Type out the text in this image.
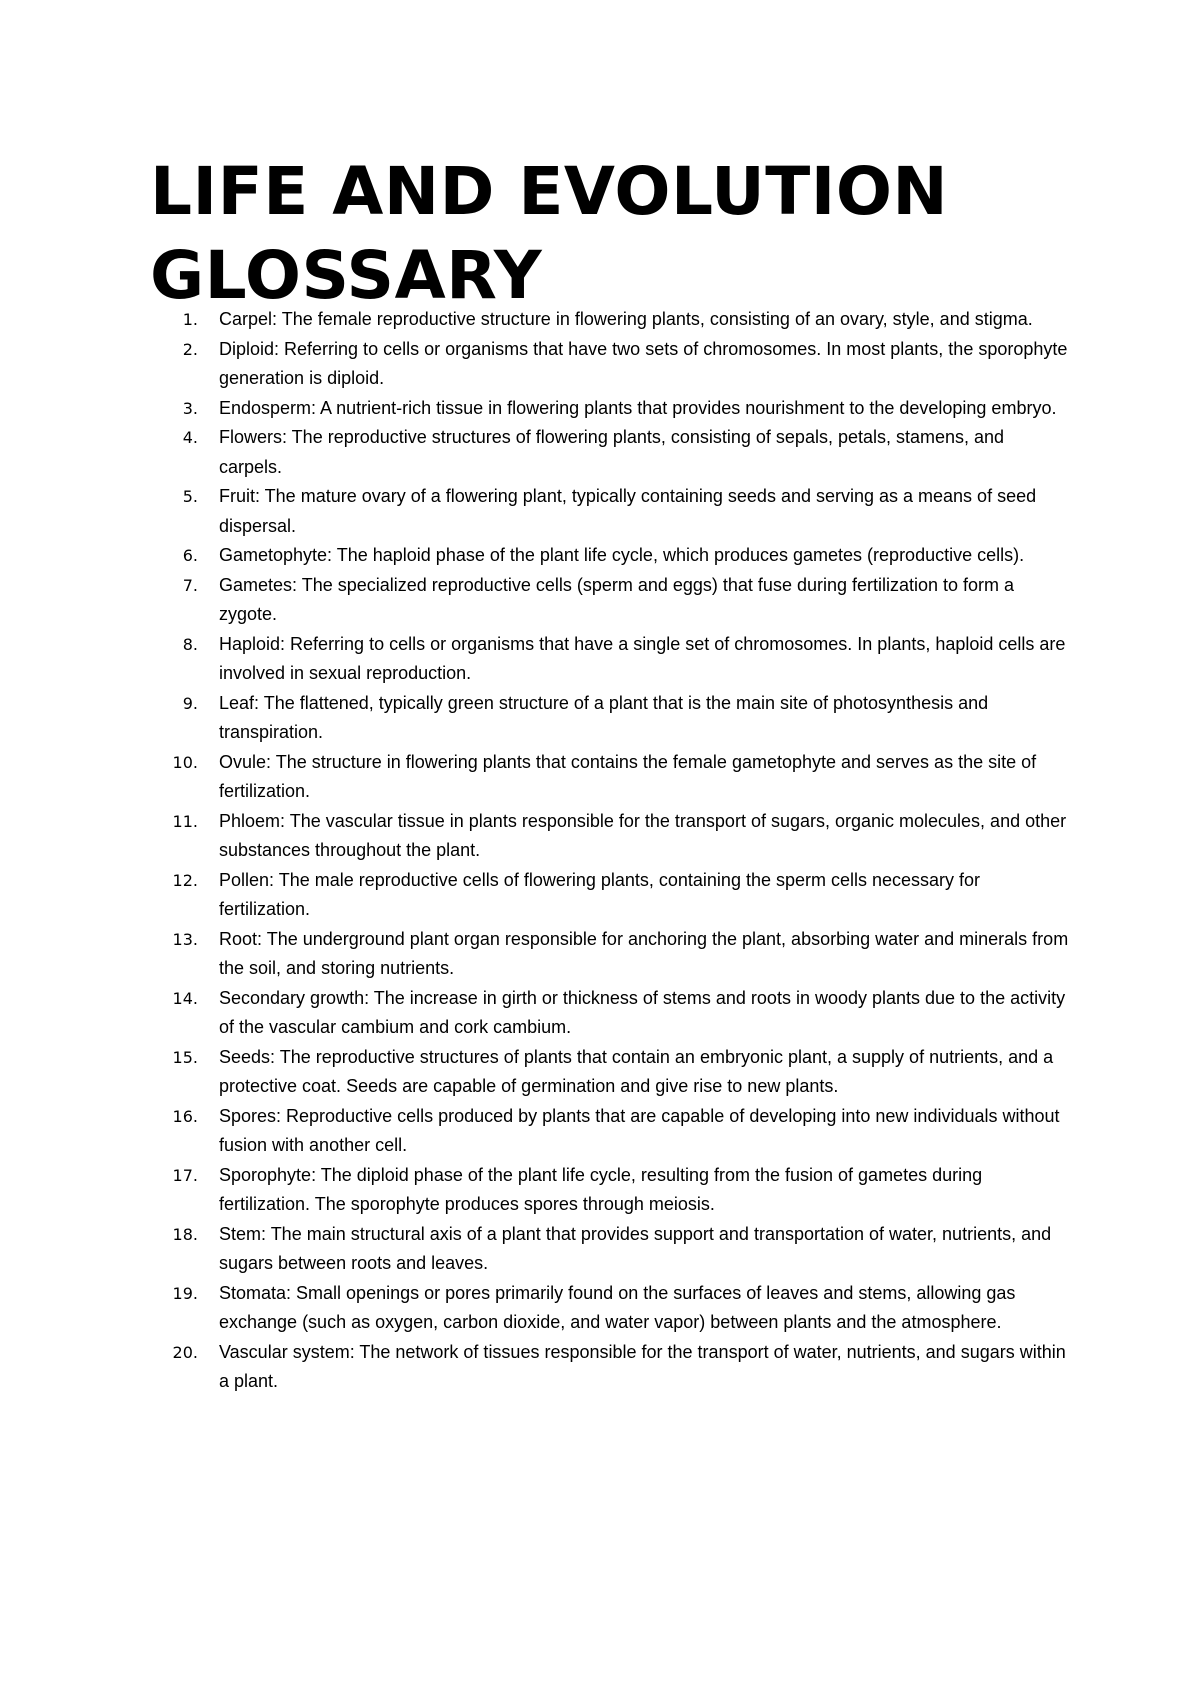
LIFE AND EVOLUTION
GLOSSARY
1. Carpel: The female reproductive structure in flowering plants, consisting of an ovary, style, and stigma.
2. Diploid: Referring to cells or organisms that have two sets of chromosomes. In most plants, the sporophyte generation is diploid.
3. Endosperm: A nutrient-rich tissue in flowering plants that provides nourishment to the developing embryo.
4. Flowers: The reproductive structures of flowering plants, consisting of sepals, petals, stamens, and carpels.
5. Fruit: The mature ovary of a flowering plant, typically containing seeds and serving as a means of seed dispersal.
6. Gametophyte: The haploid phase of the plant life cycle, which produces gametes (reproductive cells).
7. Gametes: The specialized reproductive cells (sperm and eggs) that fuse during fertilization to form a zygote.
8. Haploid: Referring to cells or organisms that have a single set of chromosomes. In plants, haploid cells are involved in sexual reproduction.
9. Leaf: The flattened, typically green structure of a plant that is the main site of photosynthesis and transpiration.
10. Ovule: The structure in flowering plants that contains the female gametophyte and serves as the site of fertilization.
11. Phloem: The vascular tissue in plants responsible for the transport of sugars, organic molecules, and other substances throughout the plant.
12. Pollen: The male reproductive cells of flowering plants, containing the sperm cells necessary for fertilization.
13. Root: The underground plant organ responsible for anchoring the plant, absorbing water and minerals from the soil, and storing nutrients.
14. Secondary growth: The increase in girth or thickness of stems and roots in woody plants due to the activity of the vascular cambium and cork cambium.
15. Seeds: The reproductive structures of plants that contain an embryonic plant, a supply of nutrients, and a protective coat. Seeds are capable of germination and give rise to new plants.
16. Spores: Reproductive cells produced by plants that are capable of developing into new individuals without fusion with another cell.
17. Sporophyte: The diploid phase of the plant life cycle, resulting from the fusion of gametes during fertilization. The sporophyte produces spores through meiosis.
18. Stem: The main structural axis of a plant that provides support and transportation of water, nutrients, and sugars between roots and leaves.
19. Stomata: Small openings or pores primarily found on the surfaces of leaves and stems, allowing gas exchange (such as oxygen, carbon dioxide, and water vapor) between plants and the atmosphere.
20. Vascular system: The network of tissues responsible for the transport of water, nutrients, and sugars within a plant.
